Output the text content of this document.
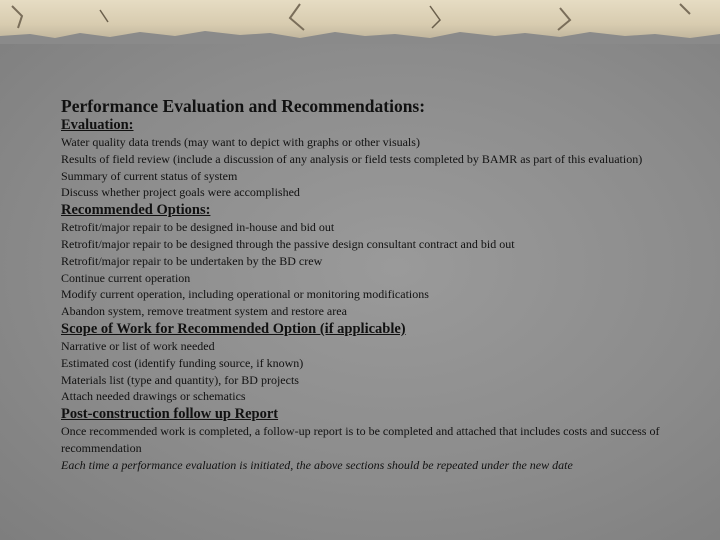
Performance Evaluation and Recommendations:

Evaluation:

Water quality data trends (may want to depict with graphs or other visuals)

Results of field review (include a discussion of any analysis or field tests completed by BAMR as part of this evaluation)

Summary of current status of system

Discuss whether project goals were accomplished

Recommended Options:

Retrofit/major repair to be designed in-house and bid out

Retrofit/major repair to be designed through the passive design consultant contract and bid out

Retrofit/major repair to be undertaken by the BD crew

Continue current operation

Modify current operation, including operational or monitoring modifications

Abandon system, remove treatment system and restore area

Scope of Work for Recommended Option (if applicable)

Narrative or list of work needed

Estimated cost (identify funding source, if known)

Materials list (type and quantity), for BD projects

Attach needed drawings or schematics

Post-construction follow up Report

Once recommended work is completed, a follow-up report is to be completed and attached that includes costs and success of recommendation

Each time a performance evaluation is initiated, the above sections should be repeated under the new date
